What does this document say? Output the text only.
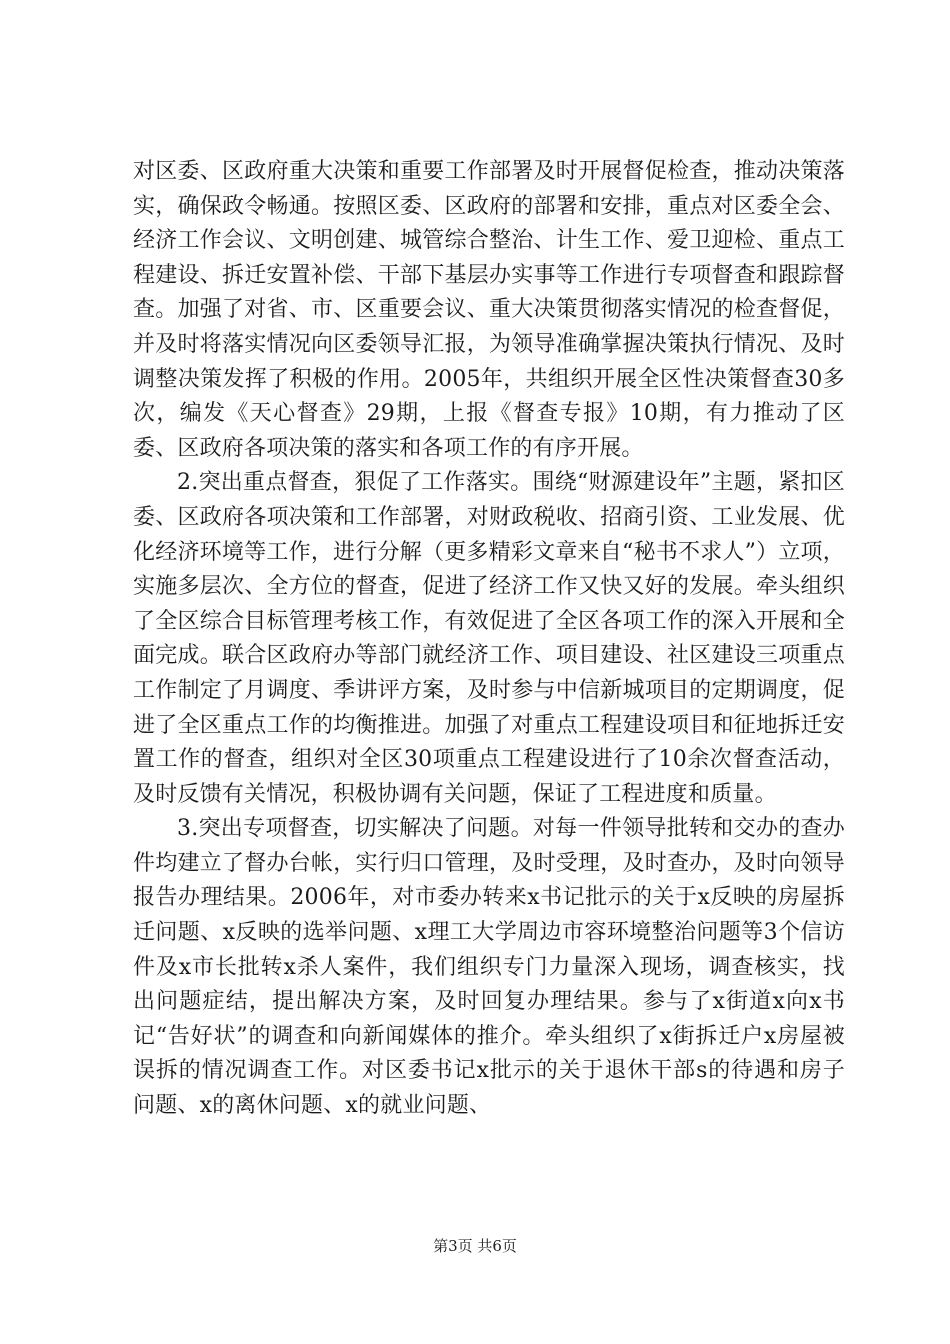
对区委、区政府重大决策和重要工作部署及时开展督促检查，推动决策落实，确保政令畅通。按照区委、区政府的部署和安排，重点对区委全会、经济工作会议、文明创建、城管综合整治、计生工作、爱卫迎检、重点工程建设、拆迁安置补偿、干部下基层办实事等工作进行专项督查和跟踪督查。加强了对省、市、区重要会议、重大决策贯彻落实情况的检查督促，并及时将落实情况向区委领导汇报，为领导准确掌握决策执行情况、及时调整决策发挥了积极的作用。2005年，共组织开展全区性决策督查30多次，编发《天心督查》29期，上报《督查专报》10期，有力推动了区委、区政府各项决策的落实和各项工作的有序开展。

2.突出重点督查，狠促了工作落实。围绕“财源建设年”主题，紧扣区委、区政府各项决策和工作部署，对财政税收、招商引资、工业发展、优化经济环境等工作，进行分解（更多精彩文章来自“秘书不求人”）立项，实施多层次、全方位的督查，促进了经济工作又快又好的发展。牵头组织了全区综合目标管理考核工作，有效促进了全区各项工作的深入开展和全面完成。联合区政府办等部门就经济工作、项目建设、社区建设三项重点工作制定了月调度、季讲评方案，及时参与中信新城项目的定期调度，促进了全区重点工作的均衡推进。加强了对重点工程建设项目和征地拆迁安置工作的督查，组织对全区30项重点工程建设进行了10余次督查活动，及时反馈有关情况，积极协调有关问题，保证了工程进度和质量。

3.突出专项督查，切实解决了问题。对每一件领导批转和交办的查办件均建立了督办台帐，实行归口管理，及时受理，及时查办，及时向领导报告办理结果。2006年，对市委办转来x书记批示的关于x反映的房屋拆迁问题、x反映的选举问题、x理工大学周边市容环境整治问题等3个信访件及x市长批转x杀人案件，我们组织专门力量深入现场，调查核实，找出问题症结，提出解决方案，及时回复办理结果。参与了x街道x向x书记“告好状”的调查和向新闻媒体的推介。牵头组织了x街拆迁户x房屋被误拆的情况调查工作。对区委书记x批示的关于退休干部s的待遇和房子问题、x的离休问题、x的就业问题、

第3页 共6页
